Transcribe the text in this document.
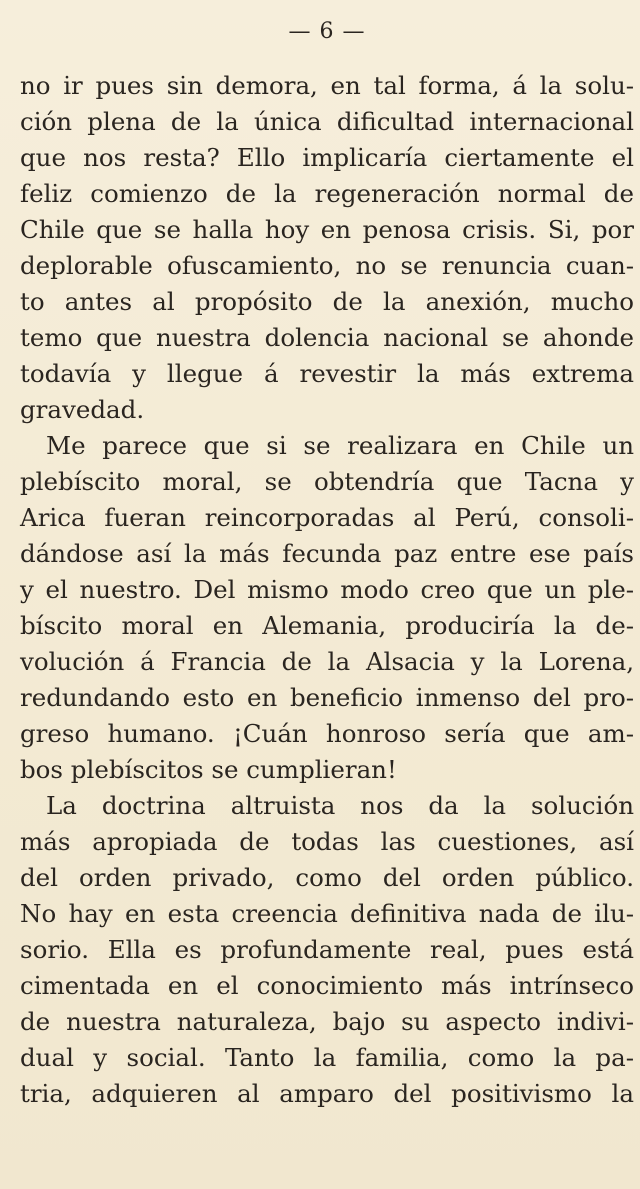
— 6 —
no ir pues sin demora, en tal forma, á la solu-
ción plena de la única dificultad internacional
que nos resta? Ello implicaría ciertamente el
feliz comienzo de la regeneración normal de
Chile que se halla hoy en penosa crisis. Si, por
deplorable ofuscamiento, no se renuncia cuan-
to antes al propósito de la anexión, mucho
temo que nuestra dolencia nacional se ahonde
todavía y llegue á revestir la más extrema
gravedad.
Me parece que si se realizara en Chile un
plebíscito moral, se obtendría que Tacna y
Arica fueran reincorporadas al Perú, consoli-
dándose así la más fecunda paz entre ese país
y el nuestro. Del mismo modo creo que un ple-
bíscito moral en Alemania, produciría la de-
volución á Francia de la Alsacia y la Lorena,
redundando esto en beneficio inmenso del pro-
greso humano. ¡Cuán honroso sería que am-
bos plebíscitos se cumplieran!
La doctrina altruista nos da la solución
más apropiada de todas las cuestiones, así
del orden privado, como del orden público.
No hay en esta creencia definitiva nada de ilu-
sorio. Ella es profundamente real, pues está
cimentada en el conocimiento más intrínseco
de nuestra naturaleza, bajo su aspecto indivi-
dual y social. Tanto la familia, como la pa-
tria, adquieren al amparo del positivismo la
